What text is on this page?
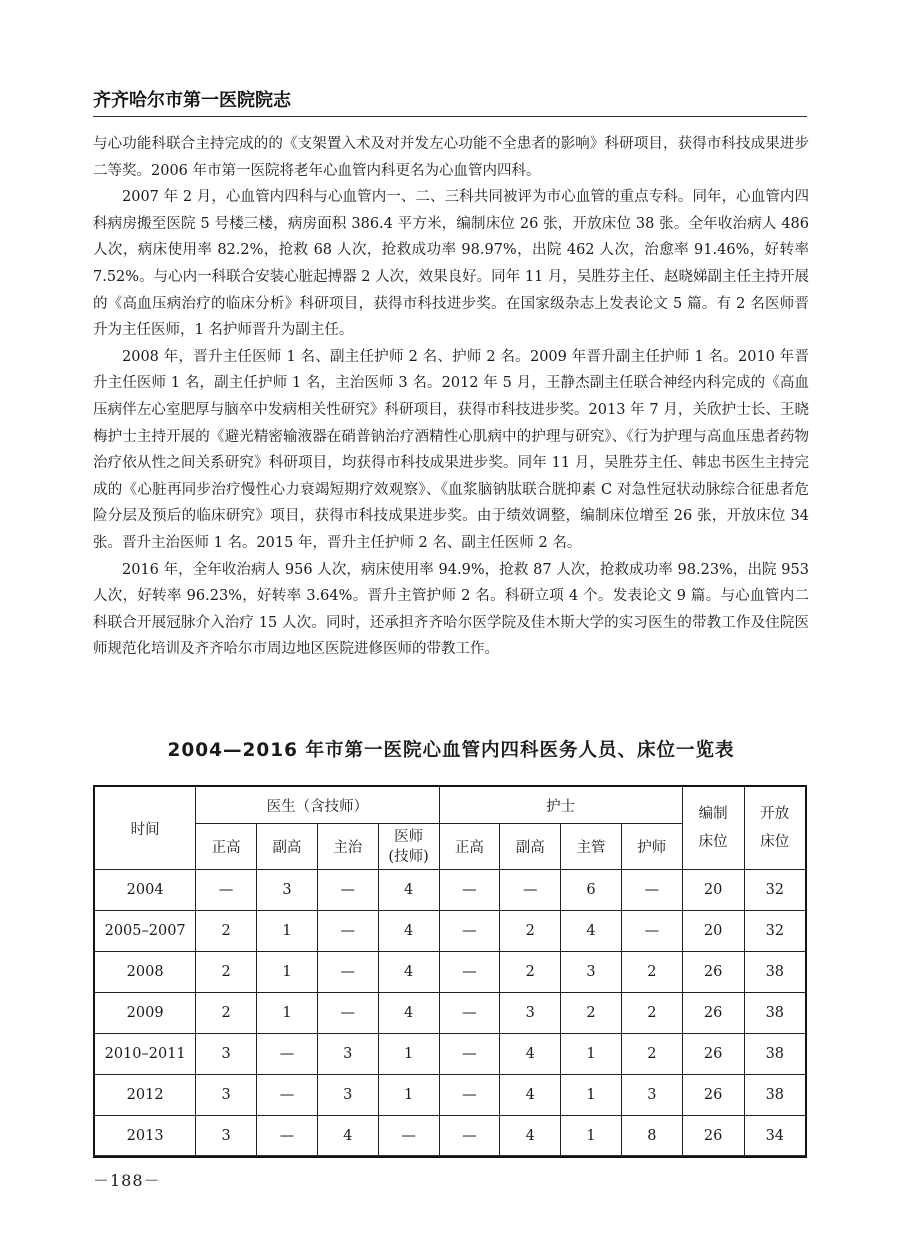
齐齐哈尔市第一医院院志

与心功能科联合主持完成的的《支架置入术及对并发左心功能不全患者的影响》科研项目，获得市科技成果进步二等奖。2006 年市第一医院将老年心血管内科更名为心血管内四科。

2007 年 2 月，心血管内四科与心血管内一、二、三科共同被评为市心血管的重点专科。同年，心血管内四科病房搬至医院 5 号楼三楼，病房面积 386.4 平方米，编制床位 26 张，开放床位 38 张。全年收治病人 486 人次，病床使用率 82.2%，抢救 68 人次，抢救成功率 98.97%，出院 462 人次，治愈率 91.46%，好转率 7.52%。与心内一科联合安装心脏起搏器 2 人次，效果良好。同年 11 月，吴胜芬主任、赵晓娣副主任主持开展的《高血压病治疗的临床分析》科研项目，获得市科技进步奖。在国家级杂志上发表论文 5 篇。有 2 名医师晋升为主任医师，1 名护师晋升为副主任。

2008 年，晋升主任医师 1 名、副主任护师 2 名、护师 2 名。2009 年晋升副主任护师 1 名。2010 年晋升主任医师 1 名，副主任护师 1 名，主治医师 3 名。2012 年 5 月，王静杰副主任联合神经内科完成的《高血压病伴左心室肥厚与脑卒中发病相关性研究》科研项目，获得市科技进步奖。2013 年 7 月，关欣护士长、王晓梅护士主持开展的《避光精密输液器在硝普钠治疗酒精性心肌病中的护理与研究》、《行为护理与高血压患者药物治疗依从性之间关系研究》科研项目，均获得市科技成果进步奖。同年 11 月，吴胜芬主任、韩忠书医生主持完成的《心脏再同步治疗慢性心力衰竭短期疗效观察》、《血浆脑钠肽联合胱抑素 C 对急性冠状动脉综合征患者危险分层及预后的临床研究》项目，获得市科技成果进步奖。由于绩效调整，编制床位增至 26 张，开放床位 34 张。晋升主治医师 1 名。2015 年，晋升主任护师 2 名、副主任医师 2 名。

2016 年，全年收治病人 956 人次，病床使用率 94.9%，抢救 87 人次，抢救成功率 98.23%，出院 953 人次，好转率 96.23%，好转率 3.64%。晋升主管护师 2 名。科研立项 4 个。发表论文 9 篇。与心血管内二科联合开展冠脉介入治疗 15 人次。同时，还承担齐齐哈尔医学院及佳木斯大学的实习医生的带教工作及住院医师规范化培训及齐齐哈尔市周边地区医院进修医师的带教工作。

2004—2016 年市第一医院心血管内四科医务人员、床位一览表
时间	医生（含技师）				护士				编制床位	开放床位
	正高	副高	主治	医师(技师)	正高	副高	主管	护师		
2004	—	3	—	4	—	—	6	—	20	32
2005–2007	2	1	—	4	—	2	4	—	20	32
2008	2	1	—	4	—	2	3	2	26	38
2009	2	1	—	4	—	3	2	2	26	38
2010–2011	3	—	3	1	—	4	1	2	26	38
2012	3	—	3	1	—	4	1	3	26	38
2013	3	—	4	—	—	4	1	8	26	34
－188－
